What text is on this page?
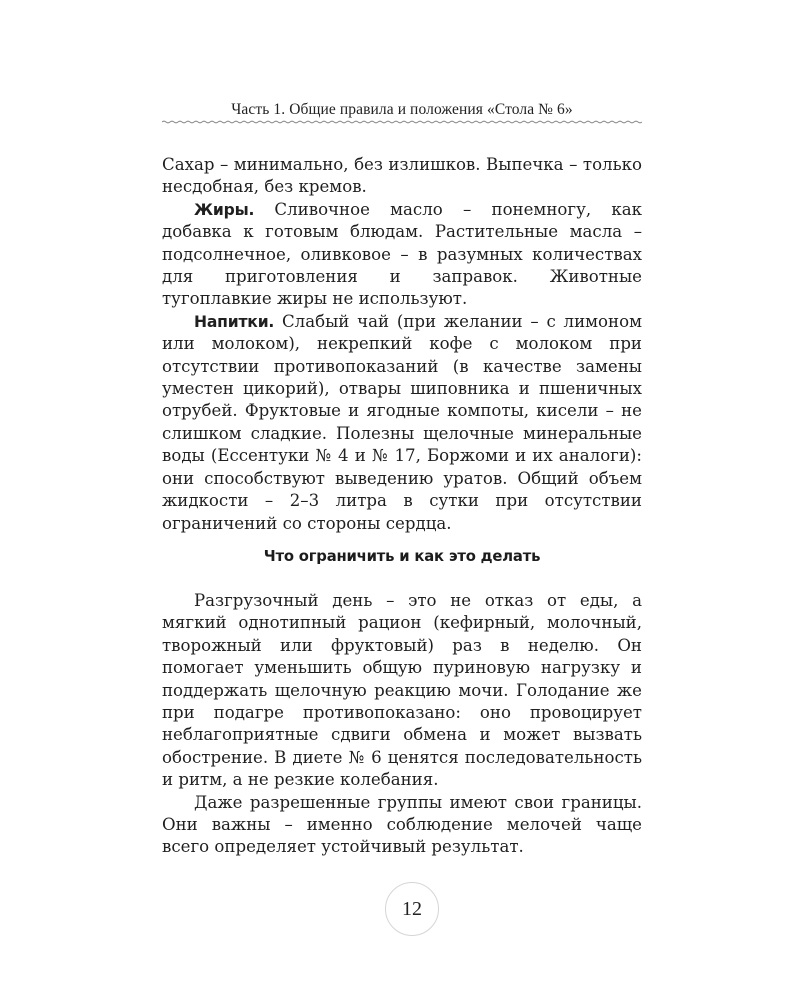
Часть 1. Общие правила и положения «Стола № 6»

Сахар – минимально, без излишков. Выпечка – только несдобная, без кремов.

Жиры. Сливочное масло – понемногу, как добавка к готовым блюдам. Растительные масла – подсолнечное, оливковое – в разумных количествах для приготовления и заправок. Животные тугоплавкие жиры не используют.

Напитки. Слабый чай (при желании – с лимоном или молоком), некрепкий кофе с молоком при отсутствии противопоказаний (в качестве замены уместен цикорий), отвары шиповника и пшеничных отрубей. Фруктовые и ягодные компоты, кисели – не слишком сладкие. Полезны щелочные минеральные воды (Ессентуки № 4 и № 17, Боржоми и их аналоги): они способствуют выведению уратов. Общий объем жидкости – 2–3 литра в сутки при отсутствии ограничений со стороны сердца.

Что ограничить и как это делать

Разгрузочный день – это не отказ от еды, а мягкий однотипный рацион (кефирный, молочный, творожный или фруктовый) раз в неделю. Он помогает уменьшить общую пуриновую нагрузку и поддержать щелочную реакцию мочи. Голодание же при подагре противопоказано: оно провоцирует неблагоприятные сдвиги обмена и может вызвать обострение. В диете № 6 ценятся последовательность и ритм, а не резкие колебания.

Даже разрешенные группы имеют свои границы. Они важны – именно соблюдение мелочей чаще всего определяет устойчивый результат.

12
